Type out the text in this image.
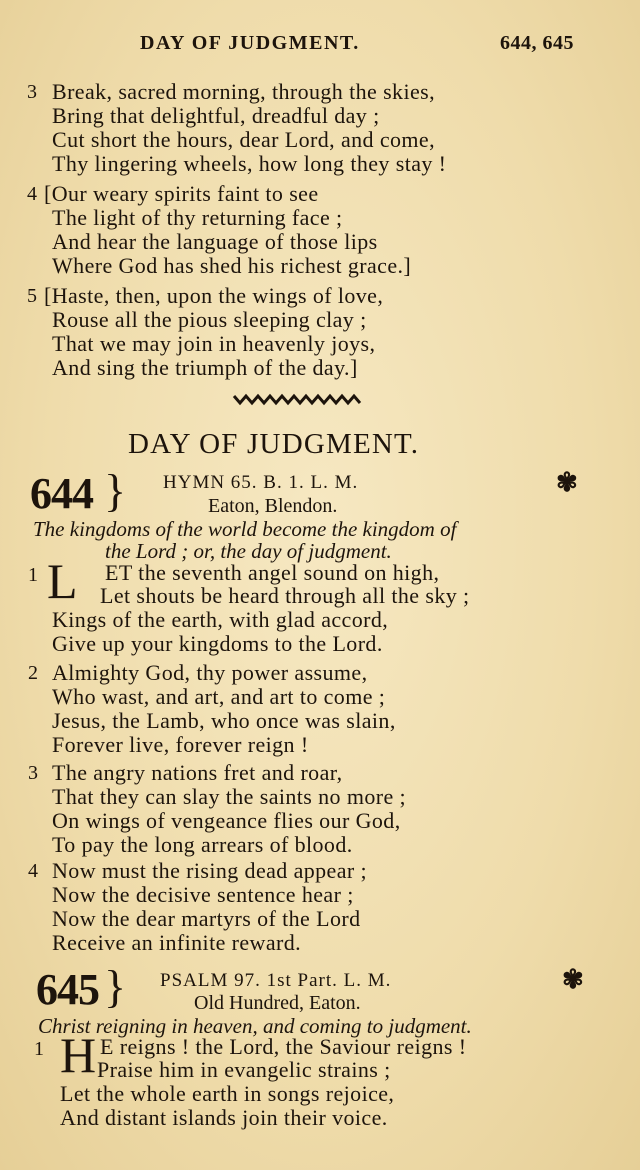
DAY OF JUDGMENT.	644, 645
3 Break, sacred morning, through the skies,
Bring that delightful, dreadful day ;
Cut short the hours, dear Lord, and come,
Thy lingering wheels, how long they stay !
4 [Our weary spirits faint to see
The light of thy returning face ;
And hear the language of those lips
Where God has shed his richest grace.]
5 [Haste, then, upon the wings of love,
Rouse all the pious sleeping clay ;
That we may join in heavenly joys,
And sing the triumph of the day.]
DAY OF JUDGMENT.
644 } HYMN 65. B. 1. L. M.
Eaton, Blendon.
✾
The kingdoms of the world become the kingdom of
the Lord ; or, the day of judgment.
1 L ET the seventh angel sound on high,
Let shouts be heard through all the sky ;
Kings of the earth, with glad accord,
Give up your kingdoms to the Lord.
2 Almighty God, thy power assume,
Who wast, and art, and art to come ;
Jesus, the Lamb, who once was slain,
Forever live, forever reign !
3 The angry nations fret and roar,
That they can slay the saints no more ;
On wings of vengeance flies our God,
To pay the long arrears of blood.
4 Now must the rising dead appear ;
Now the decisive sentence hear ;
Now the dear martyrs of the Lord
Receive an infinite reward.
645 } PSALM 97. 1st Part. L. M.
Old Hundred, Eaton.
✾
Christ reigning in heaven, and coming to judgment.
1 H E reigns ! the Lord, the Saviour reigns !
Praise him in evangelic strains ;
Let the whole earth in songs rejoice,
And distant islands join their voice.
